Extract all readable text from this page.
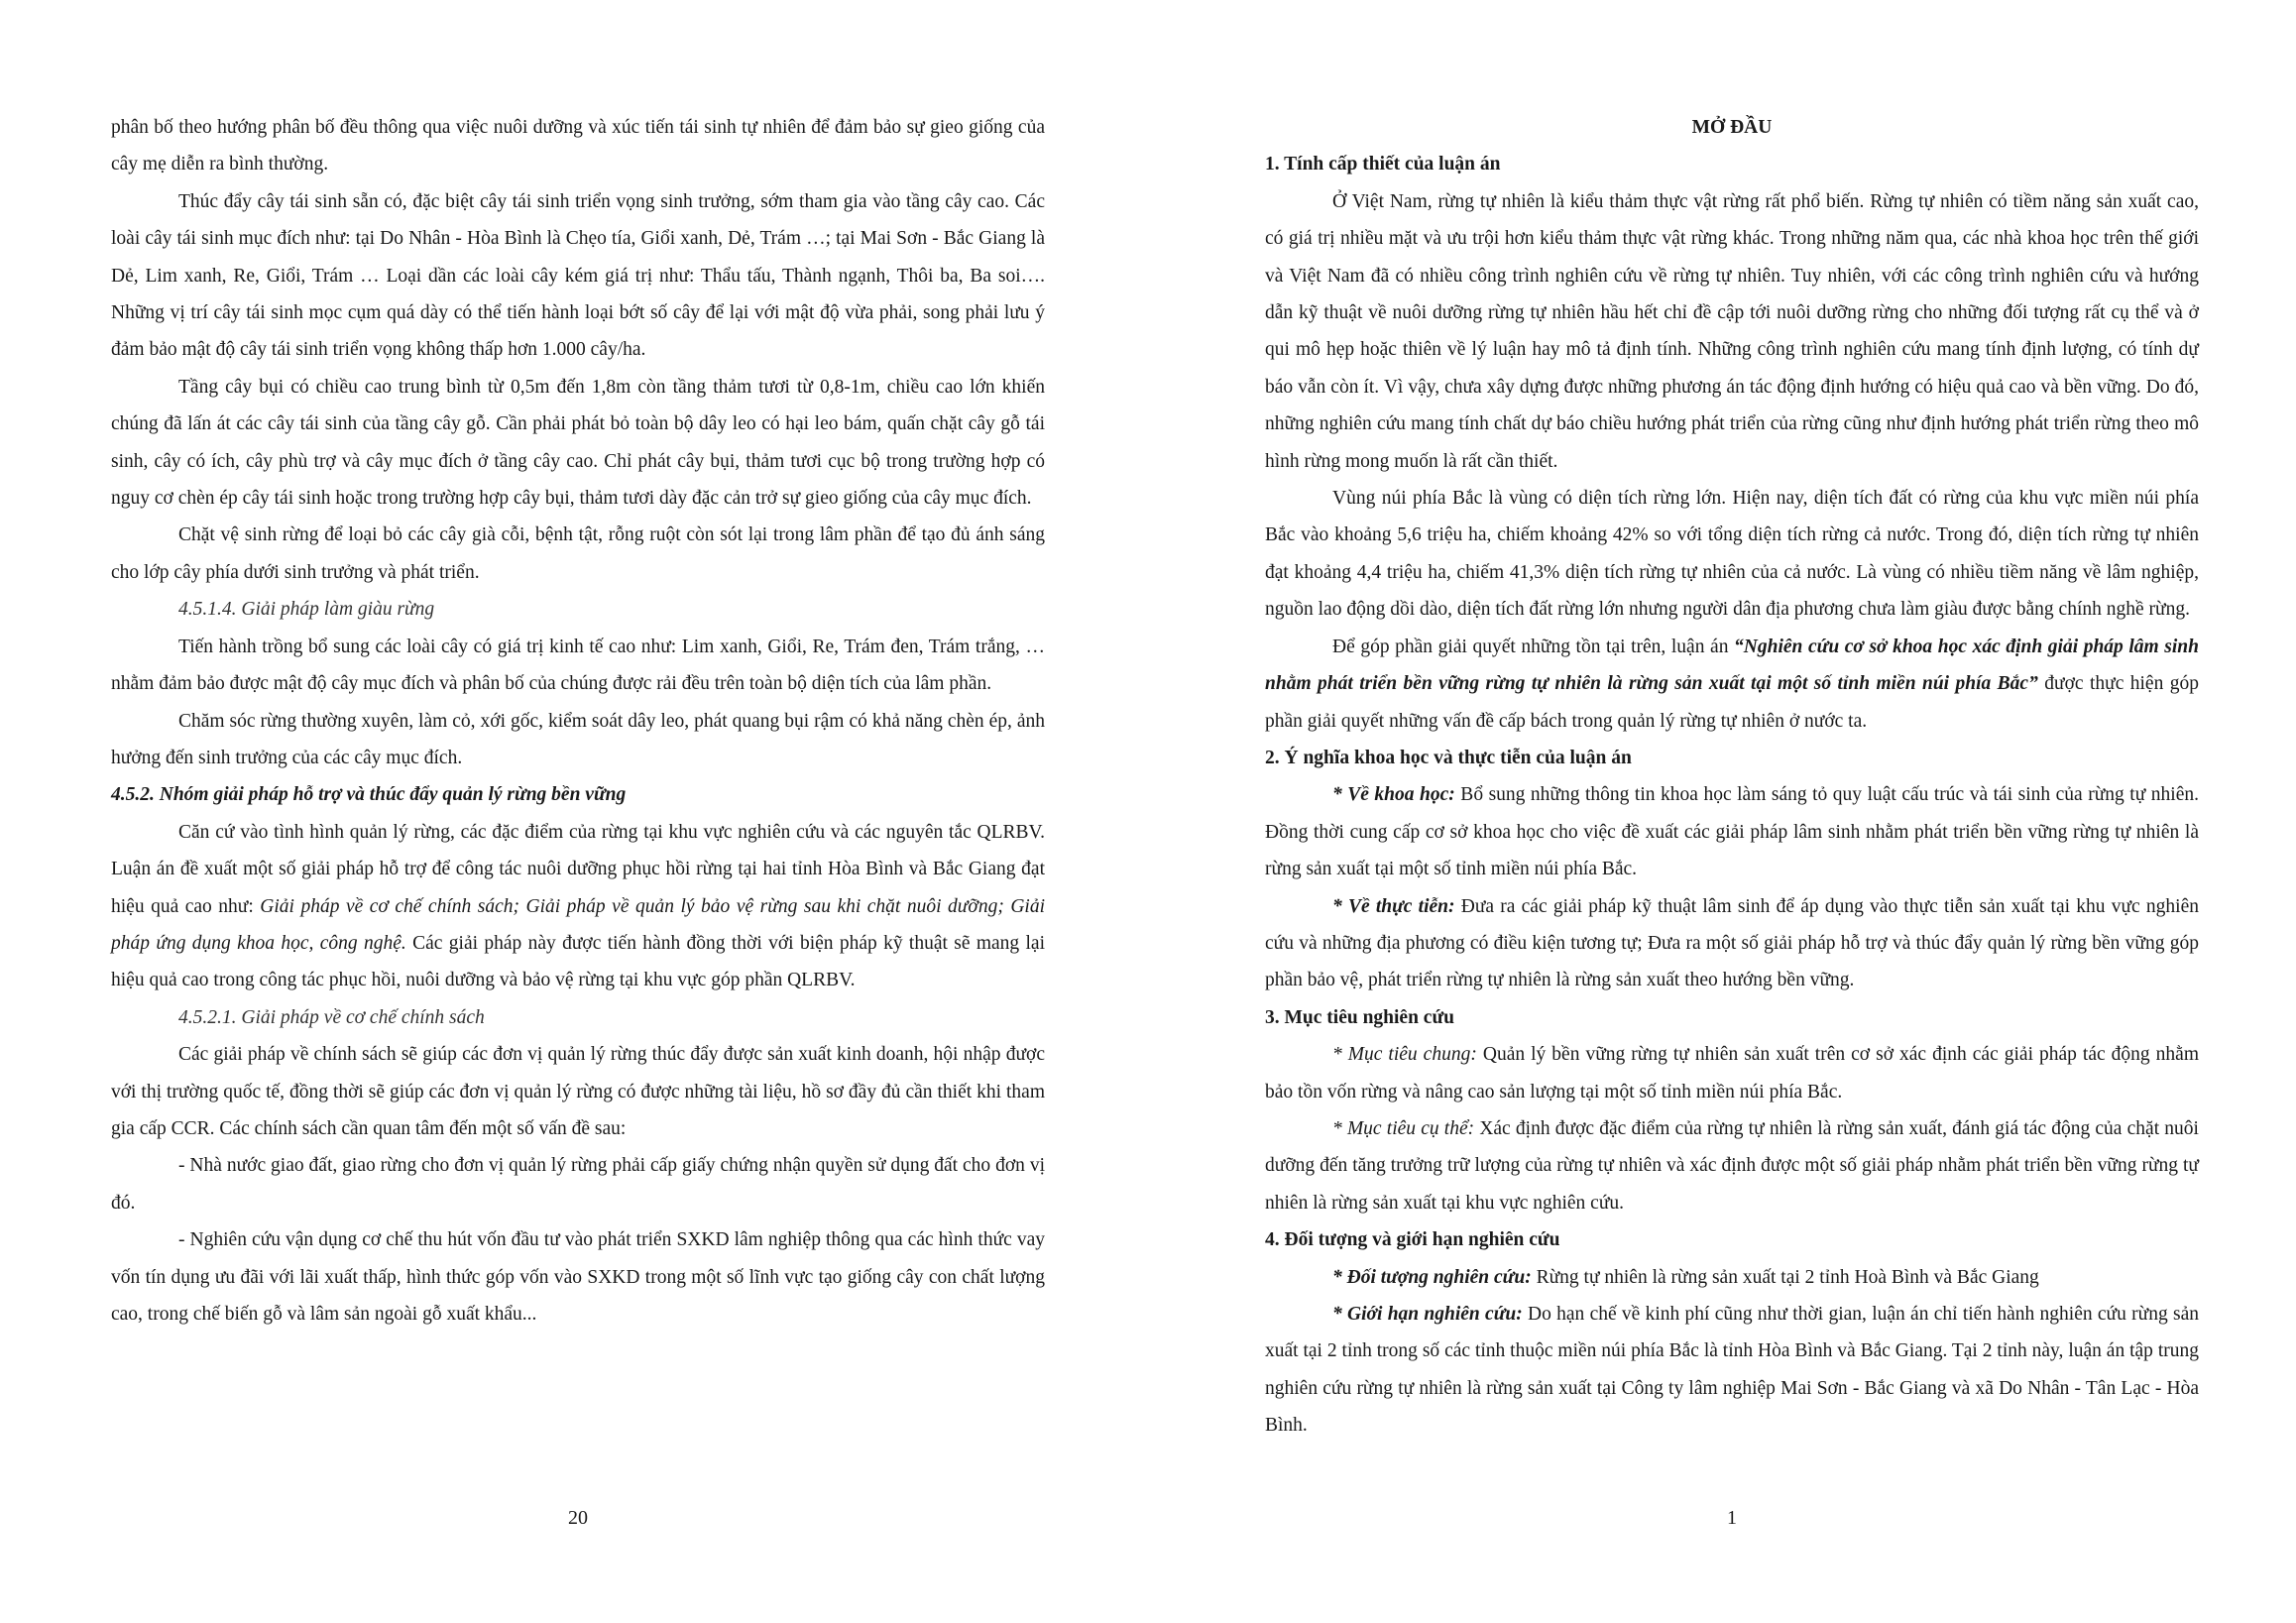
phân bố theo hướng phân bố đều thông qua việc nuôi dưỡng và xúc tiến tái sinh tự nhiên để đảm bảo sự gieo giống của cây mẹ diễn ra bình thường.

Thúc đẩy cây tái sinh sẵn có, đặc biệt cây tái sinh triển vọng sinh trưởng, sớm tham gia vào tầng cây cao. Các loài cây tái sinh mục đích như: tại Do Nhân - Hòa Bình là Chẹo tía, Giổi xanh, Dẻ, Trám …; tại Mai Sơn - Bắc Giang là Dẻ, Lim xanh, Re, Giổi, Trám … Loại dần các loài cây kém giá trị như: Thẩu tấu, Thành ngạnh, Thôi ba, Ba soi…. Những vị trí cây tái sinh mọc cụm quá dày có thể tiến hành loại bớt số cây để lại với mật độ vừa phải, song phải lưu ý đảm bảo mật độ cây tái sinh triển vọng không thấp hơn 1.000 cây/ha.

Tầng cây bụi có chiều cao trung bình từ 0,5m đến 1,8m còn tầng thảm tươi từ 0,8-1m, chiều cao lớn khiến chúng đã lấn át các cây tái sinh của tầng cây gỗ. Cần phải phát bỏ toàn bộ dây leo có hại leo bám, quấn chặt cây gỗ tái sinh, cây có ích, cây phù trợ và cây mục đích ở tầng cây cao. Chỉ phát cây bụi, thảm tươi cục bộ trong trường hợp có nguy cơ chèn ép cây tái sinh hoặc trong trường hợp cây bụi, thảm tươi dày đặc cản trở sự gieo giống của cây mục đích.

Chặt vệ sinh rừng để loại bỏ các cây già cỗi, bệnh tật, rỗng ruột còn sót lại trong lâm phần để tạo đủ ánh sáng cho lớp cây phía dưới sinh trưởng và phát triển.

4.5.1.4. Giải pháp làm giàu rừng

Tiến hành trồng bổ sung các loài cây có giá trị kinh tế cao như: Lim xanh, Giổi, Re, Trám đen, Trám trắng, … nhằm đảm bảo được mật độ cây mục đích và phân bố của chúng được rải đều trên toàn bộ diện tích của lâm phần.

Chăm sóc rừng thường xuyên, làm cỏ, xới gốc, kiểm soát dây leo, phát quang bụi rậm có khả năng chèn ép, ảnh hưởng đến sinh trưởng của các cây mục đích.

4.5.2. Nhóm giải pháp hỗ trợ và thúc đẩy quản lý rừng bền vững

Căn cứ vào tình hình quản lý rừng, các đặc điểm của rừng tại khu vực nghiên cứu và các nguyên tắc QLRBV. Luận án đề xuất một số giải pháp hỗ trợ để công tác nuôi dưỡng phục hồi rừng tại hai tỉnh Hòa Bình và Bắc Giang đạt hiệu quả cao như: Giải pháp về cơ chế chính sách; Giải pháp về quản lý bảo vệ rừng sau khi chặt nuôi dưỡng; Giải pháp ứng dụng khoa học, công nghệ. Các giải pháp này được tiến hành đồng thời với biện pháp kỹ thuật sẽ mang lại hiệu quả cao trong công tác phục hồi, nuôi dưỡng và bảo vệ rừng tại khu vực góp phần QLRBV.

4.5.2.1. Giải pháp về cơ chế chính sách

Các giải pháp về chính sách sẽ giúp các đơn vị quản lý rừng thúc đẩy được sản xuất kinh doanh, hội nhập được với thị trường quốc tế, đồng thời sẽ giúp các đơn vị quản lý rừng có được những tài liệu, hồ sơ đầy đủ cần thiết khi tham gia cấp CCR. Các chính sách cần quan tâm đến một số vấn đề sau:

- Nhà nước giao đất, giao rừng cho đơn vị quản lý rừng phải cấp giấy chứng nhận quyền sử dụng đất cho đơn vị đó.

- Nghiên cứu vận dụng cơ chế thu hút vốn đầu tư vào phát triển SXKD lâm nghiệp thông qua các hình thức vay vốn tín dụng ưu đãi với lãi xuất thấp, hình thức góp vốn vào SXKD trong một số lĩnh vực tạo giống cây con chất lượng cao, trong chế biến gỗ và lâm sản ngoài gỗ xuất khẩu...

20

MỞ ĐẦU

1. Tính cấp thiết của luận án

Ở Việt Nam, rừng tự nhiên là kiểu thảm thực vật rừng rất phổ biến. Rừng tự nhiên có tiềm năng sản xuất cao, có giá trị nhiều mặt và ưu trội hơn kiểu thảm thực vật rừng khác. Trong những năm qua, các nhà khoa học trên thế giới và Việt Nam đã có nhiều công trình nghiên cứu về rừng tự nhiên. Tuy nhiên, với các công trình nghiên cứu và hướng dẫn kỹ thuật về nuôi dưỡng rừng tự nhiên hầu hết chỉ đề cập tới nuôi dưỡng rừng cho những đối tượng rất cụ thể và ở qui mô hẹp hoặc thiên về lý luận hay mô tả định tính. Những công trình nghiên cứu mang tính định lượng, có tính dự báo vẫn còn ít. Vì vậy, chưa xây dựng được những phương án tác động định hướng có hiệu quả cao và bền vững. Do đó, những nghiên cứu mang tính chất dự báo chiều hướng phát triển của rừng cũng như định hướng phát triển rừng theo mô hình rừng mong muốn là rất cần thiết.

Vùng núi phía Bắc là vùng có diện tích rừng lớn. Hiện nay, diện tích đất có rừng của khu vực miền núi phía Bắc vào khoảng 5,6 triệu ha, chiếm khoảng 42% so với tổng diện tích rừng cả nước. Trong đó, diện tích rừng tự nhiên đạt khoảng 4,4 triệu ha, chiếm 41,3% diện tích rừng tự nhiên của cả nước. Là vùng có nhiều tiềm năng về lâm nghiệp, nguồn lao động dồi dào, diện tích đất rừng lớn nhưng người dân địa phương chưa làm giàu được bằng chính nghề rừng.

Để góp phần giải quyết những tồn tại trên, luận án “Nghiên cứu cơ sở khoa học xác định giải pháp lâm sinh nhằm phát triển bền vững rừng tự nhiên là rừng sản xuất tại một số tỉnh miền núi phía Bắc” được thực hiện góp phần giải quyết những vấn đề cấp bách trong quản lý rừng tự nhiên ở nước ta.

2. Ý nghĩa khoa học và thực tiễn của luận án

* Về khoa học: Bổ sung những thông tin khoa học làm sáng tỏ quy luật cấu trúc và tái sinh của rừng tự nhiên. Đồng thời cung cấp cơ sở khoa học cho việc đề xuất các giải pháp lâm sinh nhằm phát triển bền vững rừng tự nhiên là rừng sản xuất tại một số tỉnh miền núi phía Bắc.

* Về thực tiễn: Đưa ra các giải pháp kỹ thuật lâm sinh để áp dụng vào thực tiễn sản xuất tại khu vực nghiên cứu và những địa phương có điều kiện tương tự; Đưa ra một số giải pháp hỗ trợ và thúc đẩy quản lý rừng bền vững góp phần bảo vệ, phát triển rừng tự nhiên là rừng sản xuất theo hướng bền vững.

3. Mục tiêu nghiên cứu

* Mục tiêu chung: Quản lý bền vững rừng tự nhiên sản xuất trên cơ sở xác định các giải pháp tác động nhằm bảo tồn vốn rừng và nâng cao sản lượng tại một số tỉnh miền núi phía Bắc.

* Mục tiêu cụ thể: Xác định được đặc điểm của rừng tự nhiên là rừng sản xuất, đánh giá tác động của chặt nuôi dưỡng đến tăng trưởng trữ lượng của rừng tự nhiên và xác định được một số giải pháp nhằm phát triển bền vững rừng tự nhiên là rừng sản xuất tại khu vực nghiên cứu.

4. Đối tượng và giới hạn nghiên cứu

* Đối tượng nghiên cứu: Rừng tự nhiên là rừng sản xuất tại 2 tỉnh Hoà Bình và Bắc Giang

* Giới hạn nghiên cứu: Do hạn chế về kinh phí cũng như thời gian, luận án chỉ tiến hành nghiên cứu rừng sản xuất tại 2 tỉnh trong số các tỉnh thuộc miền núi phía Bắc là tỉnh Hòa Bình và Bắc Giang. Tại 2 tỉnh này, luận án tập trung nghiên cứu rừng tự nhiên là rừng sản xuất tại Công ty lâm nghiệp Mai Sơn - Bắc Giang và xã Do Nhân - Tân Lạc - Hòa Bình.

1
